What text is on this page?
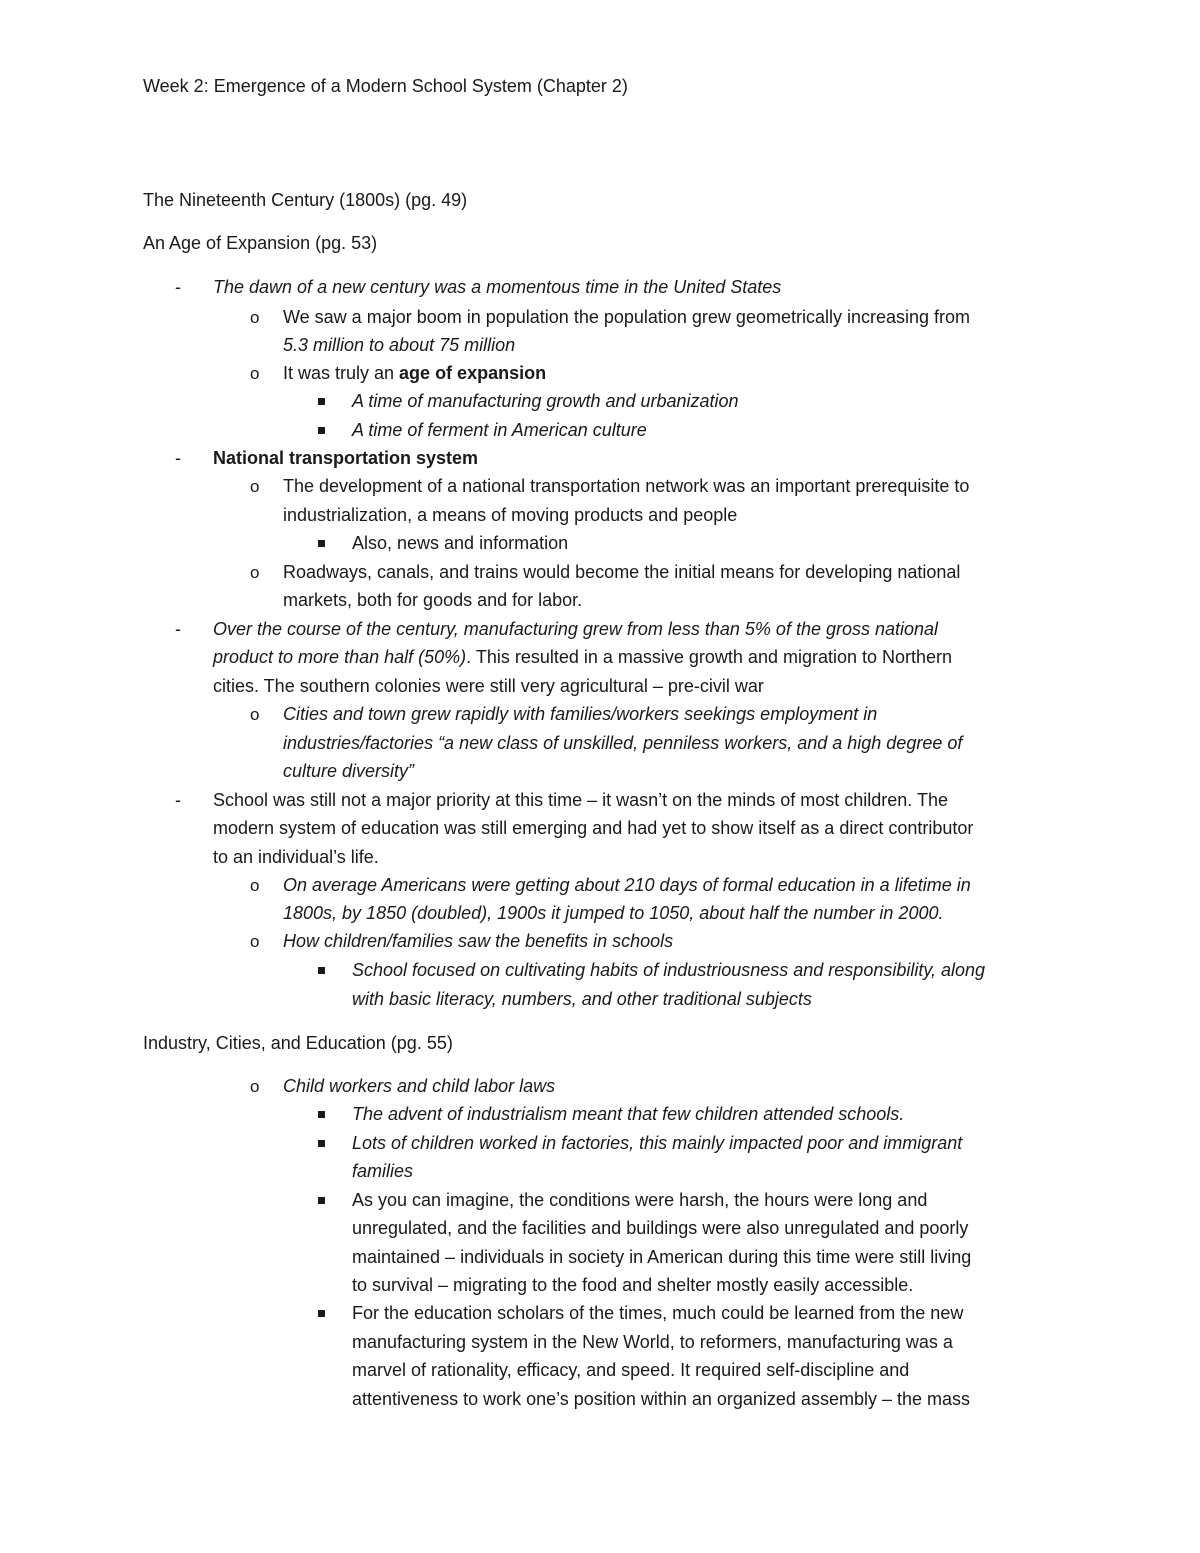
Week 2: Emergence of a Modern School System (Chapter 2)

The Nineteenth Century (1800s) (pg. 49)

An Age of Expansion (pg. 53)

- The dawn of a new century was a momentous time in the United States

o We saw a major boom in population the population grew geometrically increasing from

5.3 million to about 75 million

o It was truly an age of expansion

A time of manufacturing growth and urbanization

A time of ferment in American culture

- National transportation system

o The development of a national transportation network was an important prerequisite to

industrialization, a means of moving products and people

Also, news and information

o Roadways, canals, and trains would become the initial means for developing national

markets, both for goods and for labor.

- Over the course of the century, manufacturing grew from less than 5% of the gross national

product to more than half (50%). This resulted in a massive growth and migration to Northern

cities. The southern colonies were still very agricultural – pre-civil war

o Cities and town grew rapidly with families/workers seekings employment in

industries/factories “a new class of unskilled, penniless workers, and a high degree of

culture diversity”

- School was still not a major priority at this time – it wasn’t on the minds of most children. The

modern system of education was still emerging and had yet to show itself as a direct contributor

to an individual’s life.

o On average Americans were getting about 210 days of formal education in a lifetime in

1800s, by 1850 (doubled), 1900s it jumped to 1050, about half the number in 2000.

o How children/families saw the benefits in schools

School focused on cultivating habits of industriousness and responsibility, along

with basic literacy, numbers, and other traditional subjects

Industry, Cities, and Education (pg. 55)

o Child workers and child labor laws

The advent of industrialism meant that few children attended schools.

Lots of children worked in factories, this mainly impacted poor and immigrant

families

As you can imagine, the conditions were harsh, the hours were long and

unregulated, and the facilities and buildings were also unregulated and poorly

maintained – individuals in society in American during this time were still living

to survival – migrating to the food and shelter mostly easily accessible.

For the education scholars of the times, much could be learned from the new

manufacturing system in the New World, to reformers, manufacturing was a

marvel of rationality, efficacy, and speed. It required self-discipline and

attentiveness to work one’s position within an organized assembly – the mass
